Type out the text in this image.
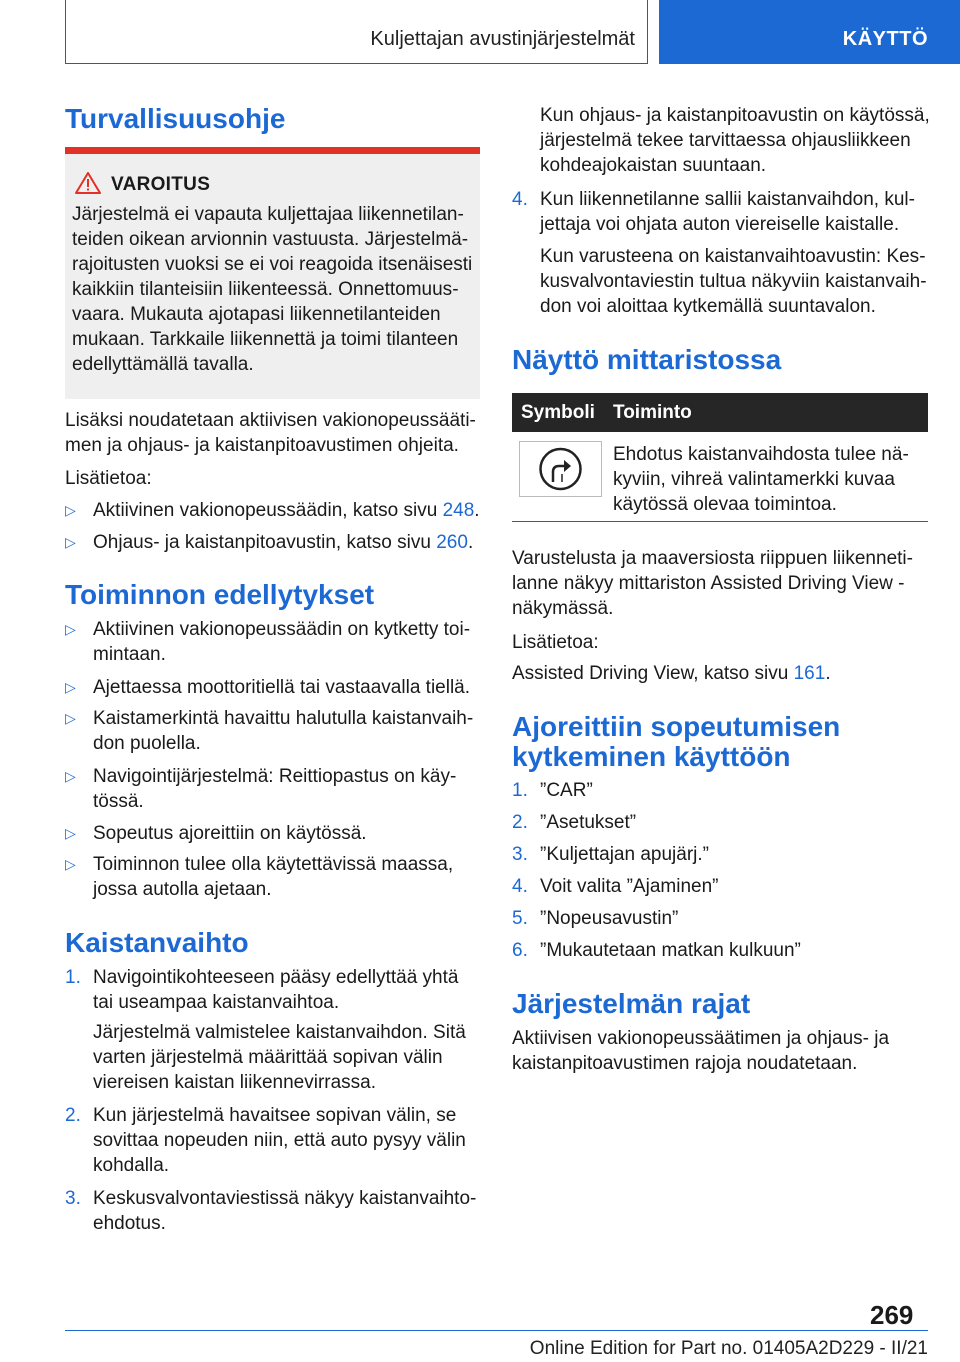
Kuljettajan avustinjärjestelmät	KÄYTTÖ
Turvallisuusohje
VAROITUS
Järjestelmä ei vapauta kuljettajaa liikennetilanteiden oikean arvionnin vastuusta. Järjestelmärajoitusten vuoksi se ei voi reagoida itsenäisesti kaikkiin tilanteisiin liikenteessä. Onnettomuusvaara. Mukauta ajotapasi liikennetilanteiden mukaan. Tarkkaile liikennettä ja toimi tilanteen edellyttämällä tavalla.

Lisäksi noudatetaan aktiivisen vakionopeussäätimen ja ohjaus- ja kaistanpitoavustimen ohjeita.

Lisätietoa:

▷ Aktiivinen vakionopeussäädin, katso sivu 248.
▷ Ohjaus- ja kaistanpitoavustin, katso sivu 260.
Toiminnon edellytykset
▷ Aktiivinen vakionopeussäädin on kytketty toimintaan.
▷ Ajettaessa moottoritiellä tai vastaavalla tiellä.
▷ Kaistamerkintä havaittu halutulla kaistanvaihdon puolella.
▷ Navigointijärjestelmä: Reittiopastus on käytössä.
▷ Sopeutus ajoreittiin on käytössä.
▷ Toiminnon tulee olla käytettävissä maassa, jossa autolla ajetaan.
Kaistanvaihto
1. Navigointikohteeseen pääsy edellyttää yhtä tai useampaa kaistanvaihtoa.
Järjestelmä valmistelee kaistanvaihdon. Sitä varten järjestelmä määrittää sopivan välin viereisen kaistan liikennevirrassa.
2. Kun järjestelmä havaitsee sopivan välin, se sovittaa nopeuden niin, että auto pysyy välin kohdalla.
3. Keskusvalvontaviestissä näkyy kaistanvaihtoehdotus.
Kun ohjaus- ja kaistanpitoavustin on käytössä, järjestelmä tekee tarvittaessa ohjausliikkeen kohdeajokaistan suuntaan.
4. Kun liikennetilanne sallii kaistanvaihdon, kuljettaja voi ohjata auton viereiselle kaistalle.
Kun varusteena on kaistanvaihtoavustin: Keskusvalvontaviestin tultua näkyviin kaistanvaihdon voi aloittaa kytkemällä suuntavalon.
Näyttö mittaristossa
Symboli Toiminto
Ehdotus kaistanvaihdosta tulee näkyviin, vihreä valintamerkki kuvaa käytössä olevaa toimintoa.

Varustelusta ja maaversiosta riippuen liikennetilanne näkyy mittariston Assisted Driving View -näkymässä.

Lisätietoa:

Assisted Driving View, katso sivu 161.

Ajoreittiin sopeutumisen
kytkeminen käyttöön
1. ”CAR”
2. ”Asetukset”
3. ”Kuljettajan apujärj.”
4. Voit valita ”Ajaminen”
5. ”Nopeusavustin”
6. ”Mukautetaan matkan kulkuun”
Järjestelmän rajat

Aktiivisen vakionopeussäätimen ja ohjaus- ja kaistanpitoavustimen rajoja noudatetaan.

269
Online Edition for Part no. 01405A2D229 - II/21
